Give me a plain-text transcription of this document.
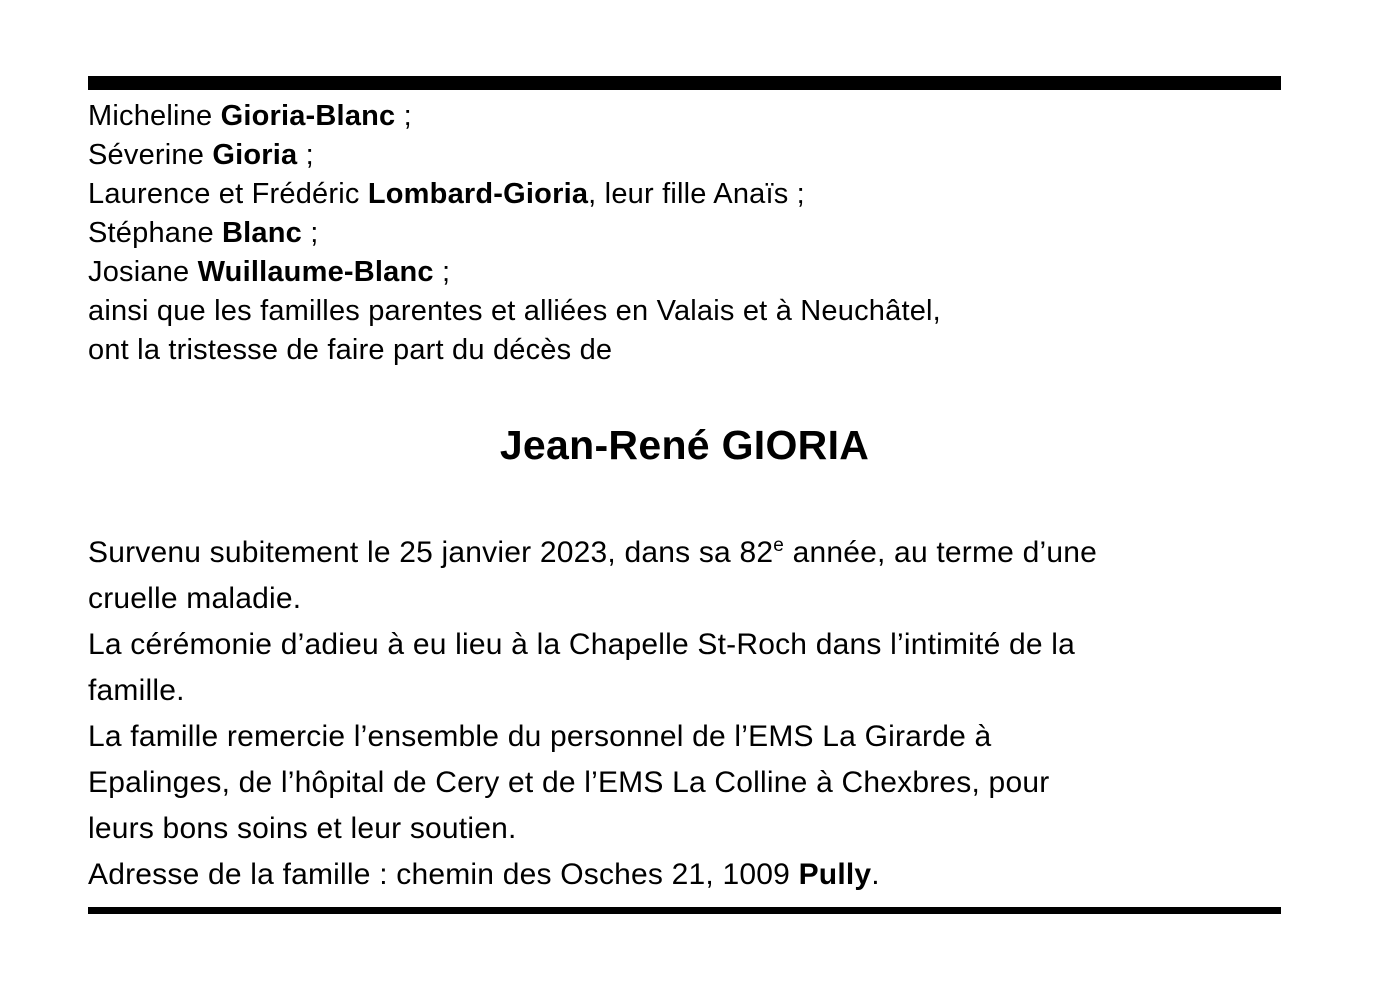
Micheline Gioria-Blanc ;
Séverine Gioria ;
Laurence et Frédéric Lombard-Gioria, leur fille Anaïs ;
Stéphane Blanc ;
Josiane Wuillaume-Blanc ;
ainsi que les familles parentes et alliées en Valais et à Neuchâtel,
ont la tristesse de faire part du décès de
Jean-René GIORIA
Survenu subitement le 25 janvier 2023, dans sa 82e année, au terme d’une
cruelle maladie.
La cérémonie d’adieu à eu lieu à la Chapelle St-Roch dans l’intimité de la
famille.
La famille remercie l’ensemble du personnel de l’EMS La Girarde à
Epalinges, de l’hôpital de Cery et de l’EMS La Colline à Chexbres, pour
leurs bons soins et leur soutien.
Adresse de la famille : chemin des Osches 21, 1009 Pully.
